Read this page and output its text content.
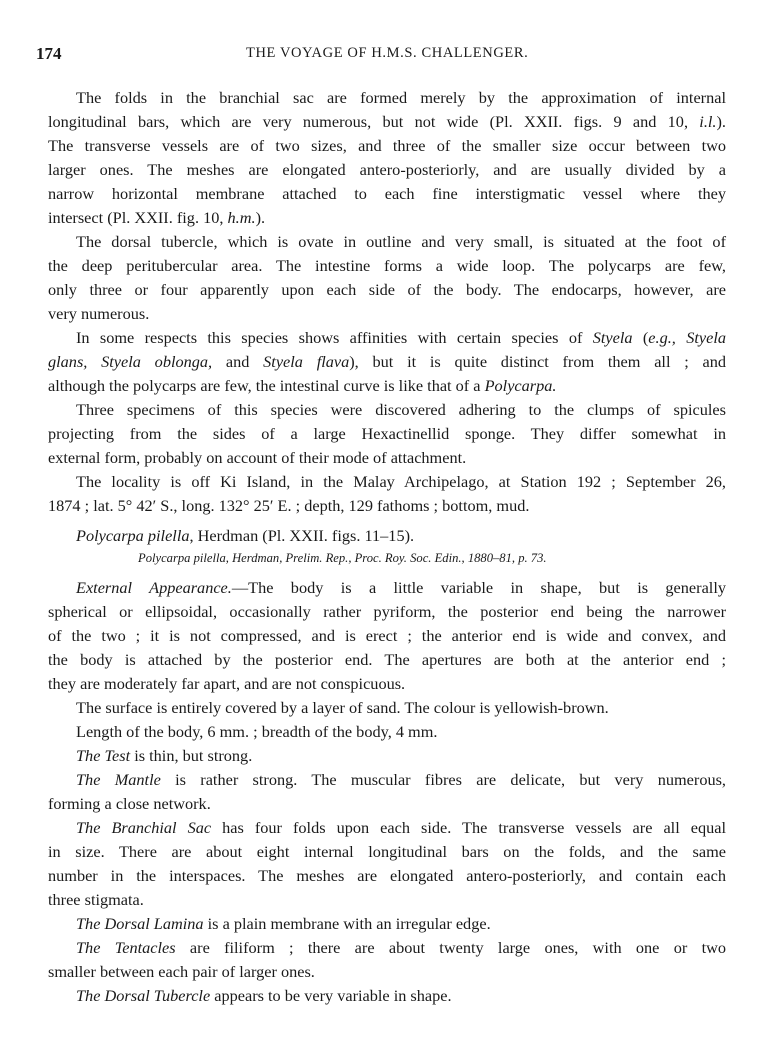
174	THE VOYAGE OF H.M.S. CHALLENGER.
The folds in the branchial sac are formed merely by the approximation of internal
longitudinal bars, which are very numerous, but not wide (Pl. XXII. figs. 9 and 10, i.l.).
The transverse vessels are of two sizes, and three of the smaller size occur between two
larger ones. The meshes are elongated antero-posteriorly, and are usually divided by a
narrow horizontal membrane attached to each fine interstigmatic vessel where they
intersect (Pl. XXII. fig. 10, h.m.).
The dorsal tubercle, which is ovate in outline and very small, is situated at the foot of
the deep peritubercular area. The intestine forms a wide loop. The polycarps are few,
only three or four apparently upon each side of the body. The endocarps, however, are
very numerous.
In some respects this species shows affinities with certain species of Styela (e.g., Styela
glans, Styela oblonga, and Styela flava), but it is quite distinct from them all ; and
although the polycarps are few, the intestinal curve is like that of a Polycarpa.
Three specimens of this species were discovered adhering to the clumps of spicules
projecting from the sides of a large Hexactinellid sponge. They differ somewhat in
external form, probably on account of their mode of attachment.
The locality is off Ki Island, in the Malay Archipelago, at Station 192 ; September 26,
1874 ; lat. 5° 42′ S., long. 132° 25′ E. ; depth, 129 fathoms ; bottom, mud.
Polycarpa pilella, Herdman (Pl. XXII. figs. 11–15).
Polycarpa pilella, Herdman, Prelim. Rep., Proc. Roy. Soc. Edin., 1880–81, p. 73.
External Appearance.—The body is a little variable in shape, but is generally
spherical or ellipsoidal, occasionally rather pyriform, the posterior end being the narrower
of the two ; it is not compressed, and is erect ; the anterior end is wide and convex, and
the body is attached by the posterior end. The apertures are both at the anterior end ;
they are moderately far apart, and are not conspicuous.
The surface is entirely covered by a layer of sand. The colour is yellowish-brown.
Length of the body, 6 mm. ; breadth of the body, 4 mm.
The Test is thin, but strong.
The Mantle is rather strong. The muscular fibres are delicate, but very numerous,
forming a close network.
The Branchial Sac has four folds upon each side. The transverse vessels are all equal
in size. There are about eight internal longitudinal bars on the folds, and the same
number in the interspaces. The meshes are elongated antero-posteriorly, and contain each
three stigmata.
The Dorsal Lamina is a plain membrane with an irregular edge.
The Tentacles are filiform ; there are about twenty large ones, with one or two
smaller between each pair of larger ones.
The Dorsal Tubercle appears to be very variable in shape.
